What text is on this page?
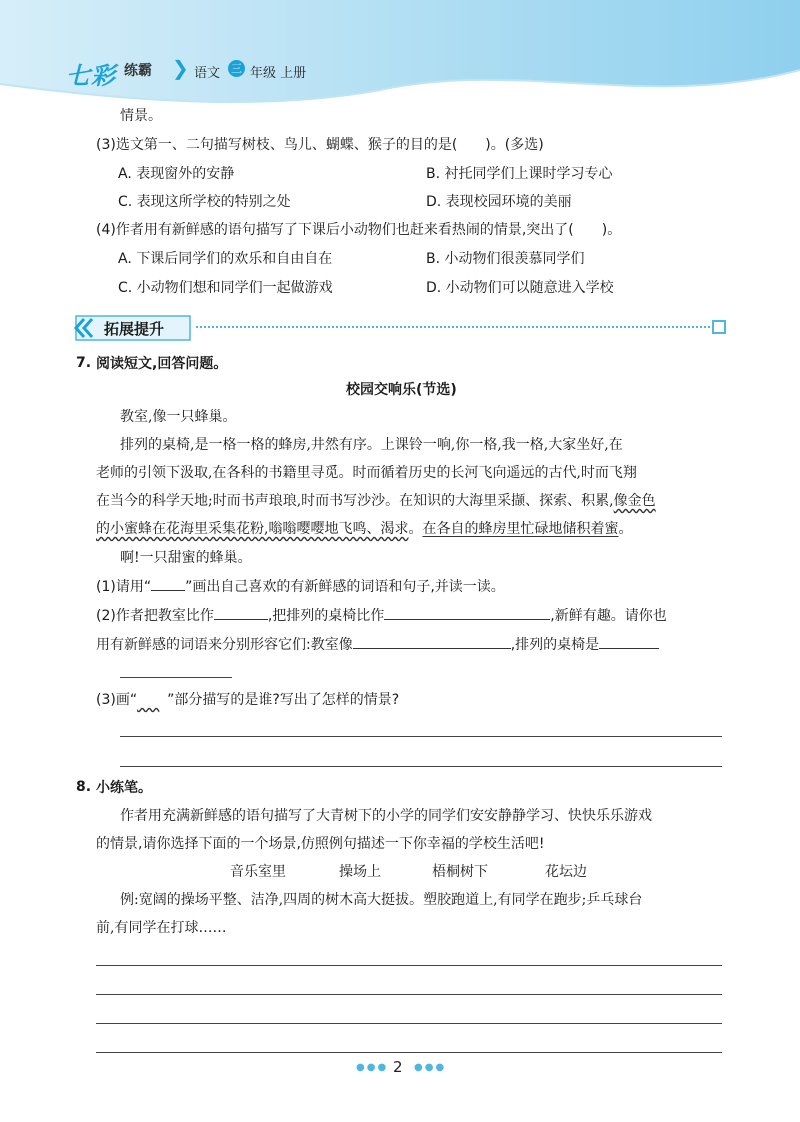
七彩 练霸 ❯ 语文 三 年级 上册
情景。
(3)选文第一、二句描写树枝、鸟儿、蝴蝶、猴子的目的是(　　)。(多选)
A. 表现窗外的安静	B. 衬托同学们上课时学习专心
C. 表现这所学校的特别之处	D. 表现校园环境的美丽
(4)作者用有新鲜感的语句描写了下课后小动物们也赶来看热闹的情景,突出了(　　)。
A. 下课后同学们的欢乐和自由自在	B. 小动物们很羡慕同学们
C. 小动物们想和同学们一起做游戏	D. 小动物们可以随意进入学校
拓展提升
7. 阅读短文,回答问题。
校园交响乐(节选)
教室,像一只蜂巢。
排列的桌椅,是一格一格的蜂房,井然有序。上课铃一响,你一格,我一格,大家坐好,在
老师的引领下汲取,在各科的书籍里寻觅。时而循着历史的长河飞向遥远的古代,时而飞翔
在当今的科学天地;时而书声琅琅,时而书写沙沙。在知识的大海里采撷、探索、积累,像金色
的小蜜蜂在花海里采集花粉,嗡嗡嘤嘤地飞鸣、渴求。在各自的蜂房里忙碌地储积着蜜。
啊!一只甜蜜的蜂巢。
(1)请用“ ”画出自己喜欢的有新鲜感的词语和句子,并读一读。
(2)作者把教室比作	,把排列的桌椅比作	,新鲜有趣。请你也
用有新鲜感的词语来分别形容它们:教室像	,排列的桌椅是
(3)画“ ”部分描写的是谁?写出了怎样的情景?
8. 小练笔。
作者用充满新鲜感的语句描写了大青树下的小学的同学们安安静静学习、快快乐乐游戏
的情景,请你选择下面的一个场景,仿照例句描述一下你幸福的学校生活吧!
音乐室里	操场上	梧桐树下	花坛边
例:宽阔的操场平整、洁净,四周的树木高大挺拔。塑胶跑道上,有同学在跑步;乒乓球台
前,有同学在打球……
●●● 2 ●●●
